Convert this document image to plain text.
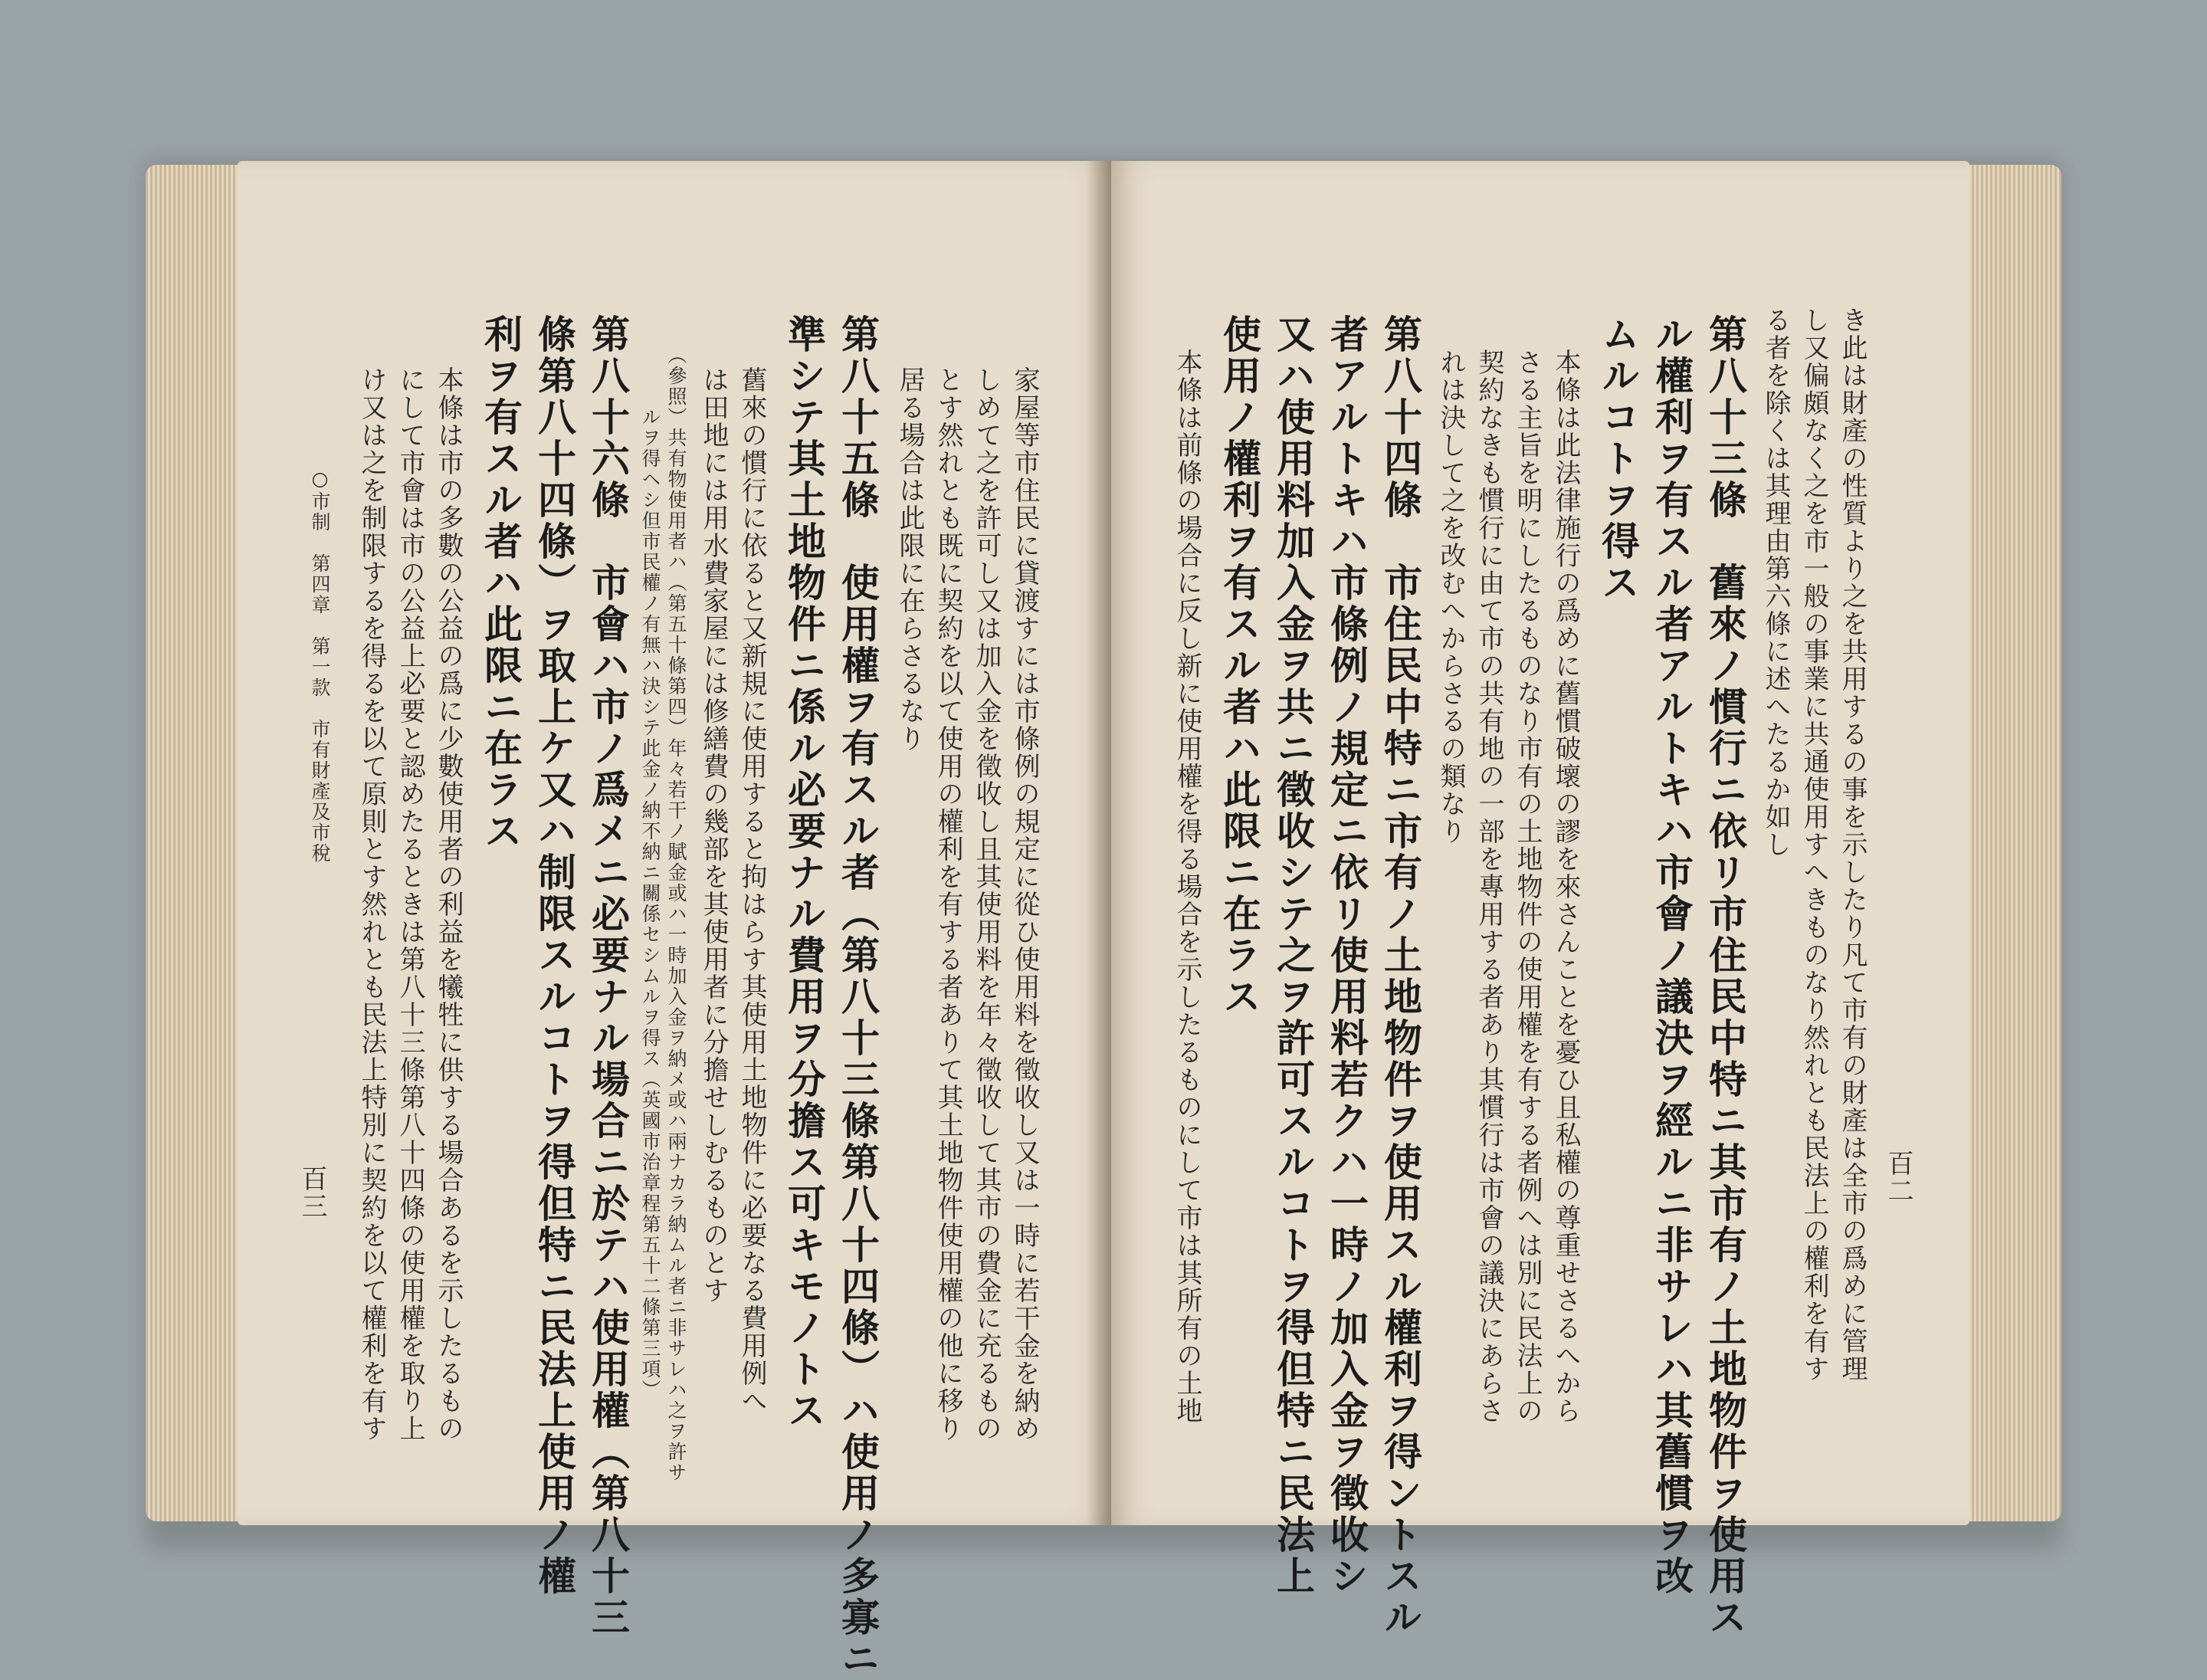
家屋等市住民に貸渡すには市條例の規定に從ひ使用料を徵收し又は一時に若干金を納め
しめて之を許可し又は加入金を徵收し且其使用料を年々徵收して其市の費金に充るもの
とす然れとも既に契約を以て使用の權利を有する者ありて其土地物件使用權の他に移り
居る場合は此限に在らさるなり
第八十五條　使用權ヲ有スル者（第八十三條第八十四條）ハ使用ノ多寡ニ
準シテ其土地物件ニ係ル必要ナル費用ヲ分擔ス可キモノトス
舊來の慣行に依ると又新規に使用すると拘はらす其使用土地物件に必要なる費用例へ
は田地には用水費家屋には修繕費の幾部を其使用者に分擔せしむるものとす
（參照）共有物使用者ハ（第五十條第四）年々若干ノ賦金或ハ一時加入金ヲ納メ或ハ兩ナカラ納ムル者ニ非サレハ之ヲ許サ
　　　ルヲ得ヘシ但市民權ノ有無ハ決シテ此金ノ納不納ニ關係セシムルヲ得ス（英國市治章程第五十二條第三項）
第八十六條　市會ハ市ノ爲メニ必要ナル場合ニ於テハ使用權（第八十三
條第八十四條）ヲ取上ケ又ハ制限スルコトヲ得但特ニ民法上使用ノ權
利ヲ有スル者ハ此限ニ在ラス
本條は市の多數の公益の爲に少數使用者の利益を犧牲に供する場合あるを示したるもの
にして市會は市の公益上必要と認めたるときは第八十三條第八十四條の使用權を取り上
け又は之を制限するを得るを以て原則とす然れとも民法上特別に契約を以て權利を有す
○市制　第四章　第一款　市有財產及市稅
百三	百二
き此は財產の性質より之を共用するの事を示したり凡て市有の財產は全市の爲めに管理
し又偏頗なく之を市一般の事業に共通使用すへきものなり然れとも民法上の權利を有す
る者を除くは其理由第六條に述へたるか如し
第八十三條　舊來ノ慣行ニ依リ市住民中特ニ其市有ノ土地物件ヲ使用ス
ル權利ヲ有スル者アルトキハ市會ノ議決ヲ經ルニ非サレハ其舊慣ヲ改
ムルコトヲ得ス
本條は此法律施行の爲めに舊慣破壞の謬を來さんことを憂ひ且私權の尊重せさるへから
さる主旨を明にしたるものなり市有の土地物件の使用權を有する者例へは別に民法上の
契約なきも慣行に由て市の共有地の一部を專用する者あり其慣行は市會の議決にあらさ
れは決して之を改むへからさるの類なり
第八十四條　市住民中特ニ市有ノ土地物件ヲ使用スル權利ヲ得ントスル
者アルトキハ市條例ノ規定ニ依リ使用料若クハ一時ノ加入金ヲ徵收シ
又ハ使用料加入金ヲ共ニ徵收シテ之ヲ許可スルコトヲ得但特ニ民法上
使用ノ權利ヲ有スル者ハ此限ニ在ラス
本條は前條の場合に反し新に使用權を得る場合を示したるものにして市は其所有の土地
